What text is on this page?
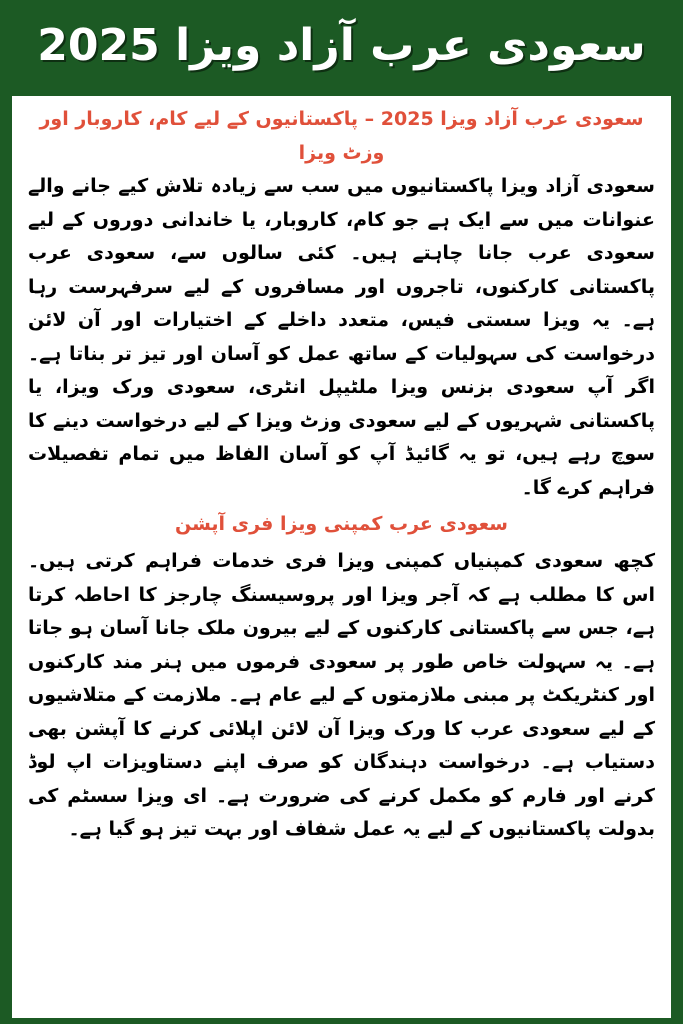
سعودی عرب آزاد ویزا 2025
سعودی عرب آزاد ویزا 2025 – پاکستانیوں کے لیے کام، کاروبار اور وزٹ ویزا

سعودی آزاد ویزا پاکستانیوں میں سب سے زیادہ تلاش کیے جانے والے عنوانات میں سے ایک ہے جو کام، کاروبار، یا خاندانی دوروں کے لیے سعودی عرب جانا چاہتے ہیں۔ کئی سالوں سے، سعودی عرب پاکستانی کارکنوں، تاجروں اور مسافروں کے لیے سرفہرست رہا ہے۔ یہ ویزا سستی فیس، متعدد داخلے کے اختیارات اور آن لائن درخواست کی سہولیات کے ساتھ عمل کو آسان اور تیز تر بناتا ہے۔ اگر آپ سعودی بزنس ویزا ملٹیپل انٹری، سعودی ورک ویزا، یا پاکستانی شہریوں کے لیے سعودی وزٹ ویزا کے لیے درخواست دینے کا سوچ رہے ہیں، تو یہ گائیڈ آپ کو آسان الفاظ میں تمام تفصیلات فراہم کرے گا۔

سعودی عرب کمپنی ویزا فری آپشن

کچھ سعودی کمپنیاں کمپنی ویزا فری خدمات فراہم کرتی ہیں۔ اس کا مطلب ہے کہ آجر ویزا اور پروسیسنگ چارجز کا احاطہ کرتا ہے، جس سے پاکستانی کارکنوں کے لیے بیرون ملک جانا آسان ہو جاتا ہے۔ یہ سہولت خاص طور پر سعودی فرموں میں ہنر مند کارکنوں اور کنٹریکٹ پر مبنی ملازمتوں کے لیے عام ہے۔ ملازمت کے متلاشیوں کے لیے سعودی عرب کا ورک ویزا آن لائن اپلائی کرنے کا آپشن بھی دستیاب ہے۔ درخواست دہندگان کو صرف اپنے دستاویزات اپ لوڈ کرنے اور فارم کو مکمل کرنے کی ضرورت ہے۔ ای ویزا سسٹم کی بدولت پاکستانیوں کے لیے یہ عمل شفاف اور بہت تیز ہو گیا ہے۔
